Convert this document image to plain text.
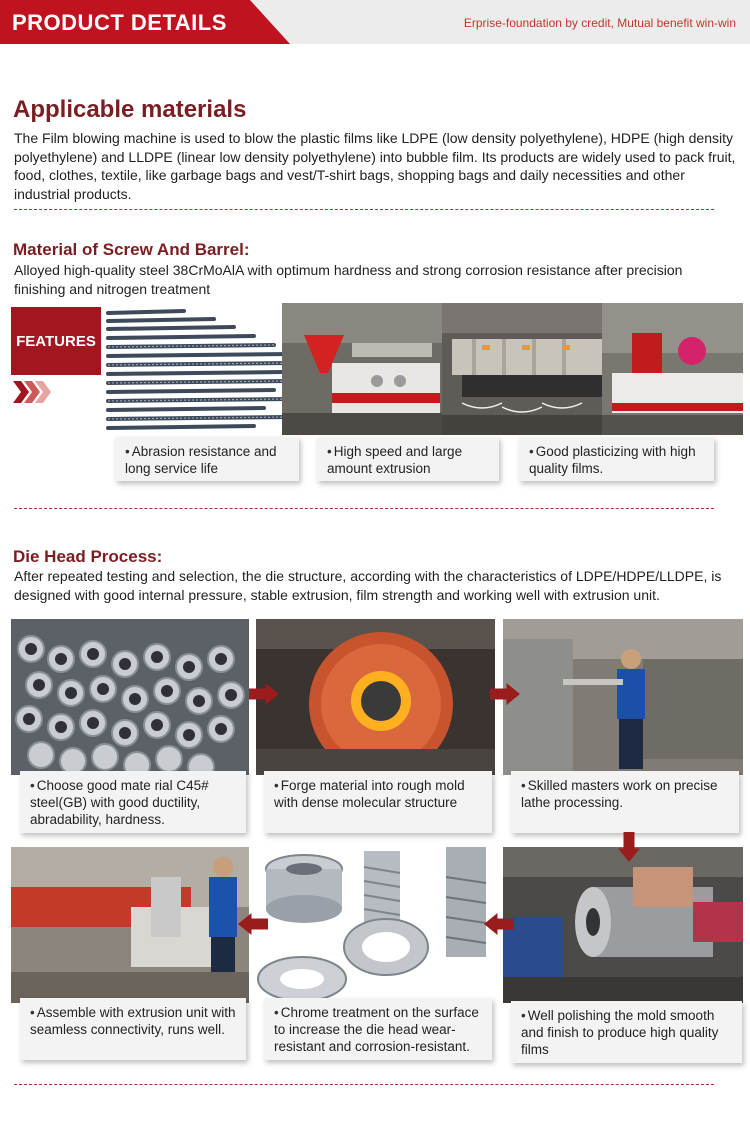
PRODUCT DETAILS	Erprise-foundation by credit, Mutual benefit win-win
Applicable materials
The Film blowing machine is used to blow the plastic films like LDPE (low density polyethylene), HDPE (high density polyethylene) and LLDPE (linear low density polyethylene) into bubble film. Its products are widely used to pack fruit, food, clothes, textile, like garbage bags and vest/T-shirt bags, shopping bags and daily necessities and other industrial products.
Material of Screw And Barrel:
Alloyed high-quality steel 38CrMoAlA with optimum hardness and strong corrosion resistance after precision finishing and nitrogen treatment
FEATURES
• Abrasion resistance and long service life
• High speed and large amount extrusion
• Good plasticizing with high quality films.
Die Head Process:
After repeated testing and selection, the die structure, according with the characteristics of LDPE/HDPE/LLDPE, is designed with good internal pressure, stable extrusion, film strength and working well with extrusion unit.
• Choose good mate rial C45# steel(GB) with good ductility, abradability, hardness.
• Forge material into rough mold with dense molecular structure
• Skilled masters work on precise lathe processing.
• Assemble with extrusion unit with seamless connectivity, runs well.
• Chrome treatment on the surface to increase the die head wear-resistant and corrosion-resistant.
• Well polishing the mold smooth and finish to produce high quality films
